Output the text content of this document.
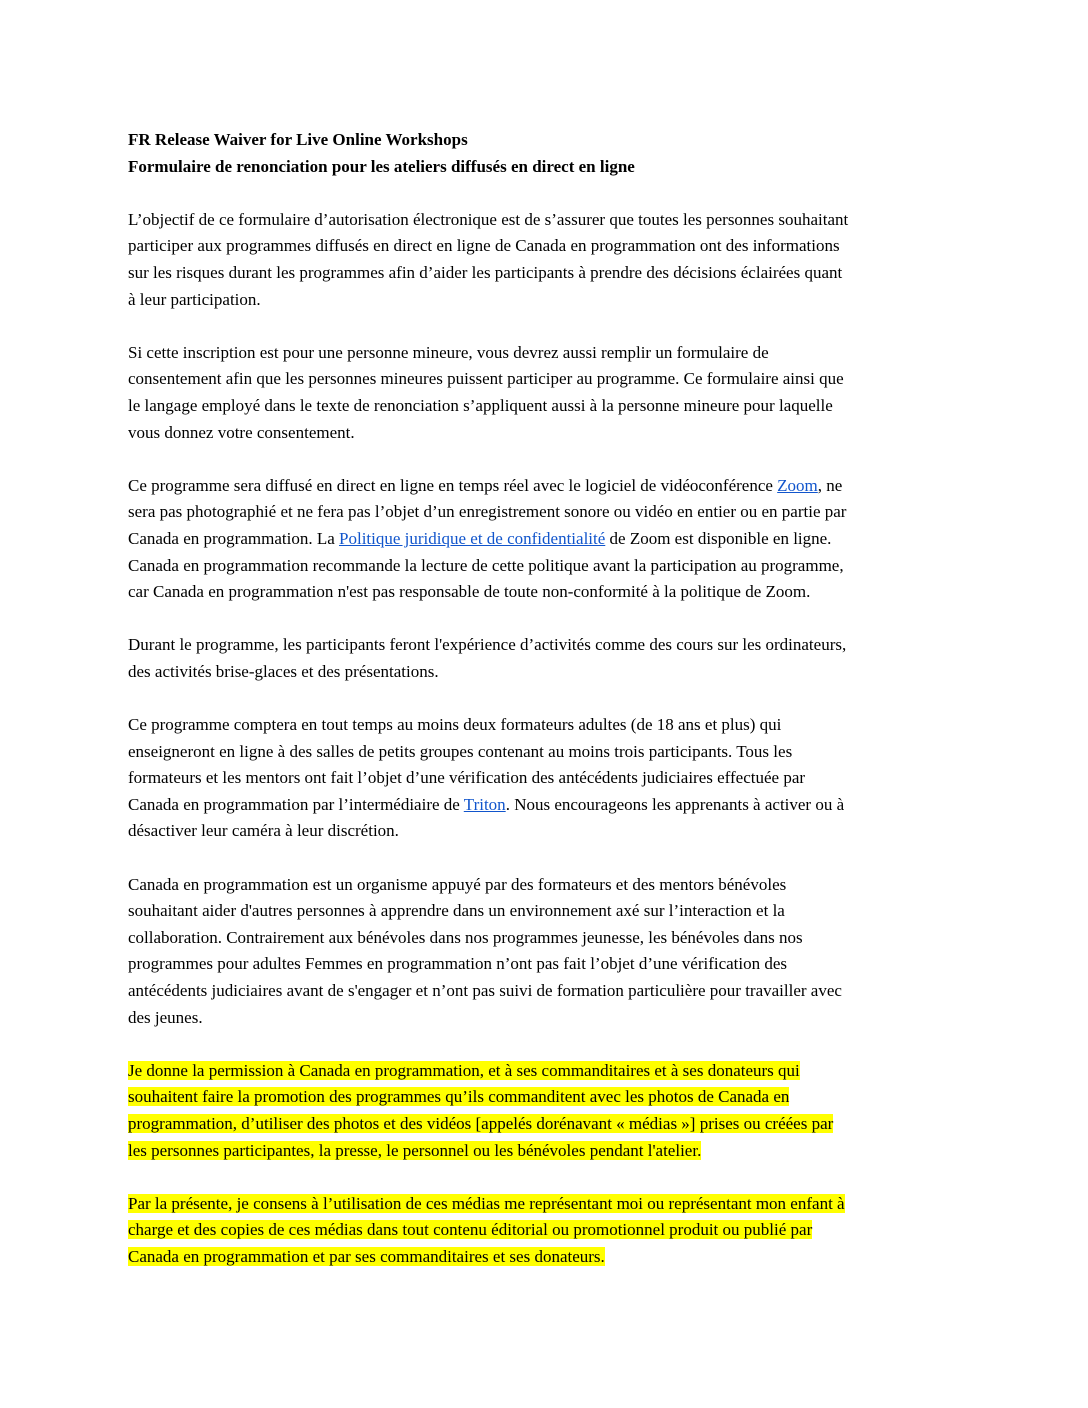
FR Release Waiver for Live Online Workshops

Formulaire de renonciation pour les ateliers diffusés en direct en ligne

L’objectif de ce formulaire d’autorisation électronique est de s’assurer que toutes les personnes souhaitant
participer aux programmes diffusés en direct en ligne de Canada en programmation ont des informations
sur les risques durant les programmes afin d’aider les participants à prendre des décisions éclairées quant
à leur participation.

Si cette inscription est pour une personne mineure, vous devrez aussi remplir un formulaire de
consentement afin que les personnes mineures puissent participer au programme. Ce formulaire ainsi que
le langage employé dans le texte de renonciation s’appliquent aussi à la personne mineure pour laquelle
vous donnez votre consentement.

Ce programme sera diffusé en direct en ligne en temps réel avec le logiciel de vidéoconférence Zoom, ne
sera pas photographié et ne fera pas l’objet d’un enregistrement sonore ou vidéo en entier ou en partie par
Canada en programmation. La Politique juridique et de confidentialité de Zoom est disponible en ligne.
Canada en programmation recommande la lecture de cette politique avant la participation au programme,
car Canada en programmation n'est pas responsable de toute non-conformité à la politique de Zoom.

Durant le programme, les participants feront l'expérience d’activités comme des cours sur les ordinateurs,
des activités brise-glaces et des présentations.

Ce programme comptera en tout temps au moins deux formateurs adultes (de 18 ans et plus) qui
enseigneront en ligne à des salles de petits groupes contenant au moins trois participants. Tous les
formateurs et les mentors ont fait l’objet d’une vérification des antécédents judiciaires effectuée par
Canada en programmation par l’intermédiaire de Triton. Nous encourageons les apprenants à activer ou à
désactiver leur caméra à leur discrétion.

Canada en programmation est un organisme appuyé par des formateurs et des mentors bénévoles
souhaitant aider d'autres personnes à apprendre dans un environnement axé sur l’interaction et la
collaboration. Contrairement aux bénévoles dans nos programmes jeunesse, les bénévoles dans nos
programmes pour adultes Femmes en programmation n’ont pas fait l’objet d’une vérification des
antécédents judiciaires avant de s'engager et n’ont pas suivi de formation particulière pour travailler avec
des jeunes.

Je donne la permission à Canada en programmation, et à ses commanditaires et à ses donateurs qui
souhaitent faire la promotion des programmes qu’ils commanditent avec les photos de Canada en
programmation, d’utiliser des photos et des vidéos [appelés dorénavant « médias »] prises ou créées par
les personnes participantes, la presse, le personnel ou les bénévoles pendant l'atelier.

Par la présente, je consens à l’utilisation de ces médias me représentant moi ou représentant mon enfant à
charge et des copies de ces médias dans tout contenu éditorial ou promotionnel produit ou publié par
Canada en programmation et par ses commanditaires et ses donateurs.
